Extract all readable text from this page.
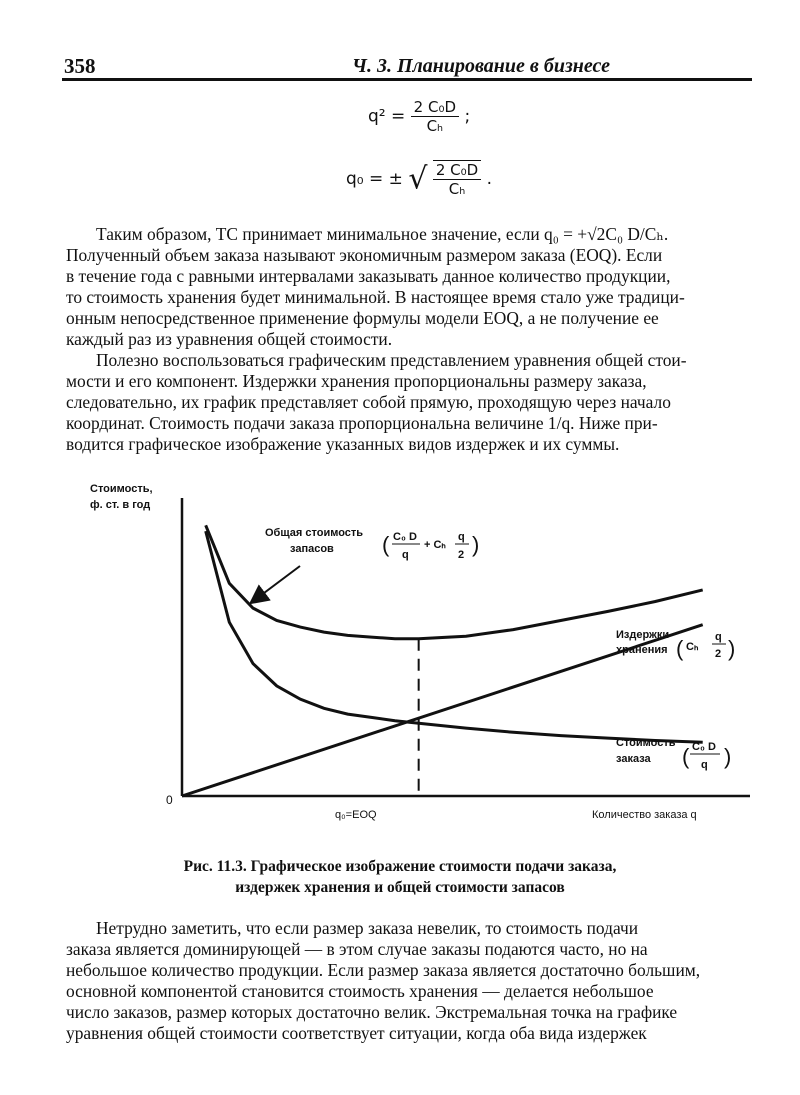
358	Ч. 3. Планирование в бизнесе
$q^2 = \frac{\text{2 C₀D}}{\text{Cₕ}}$ ;
q₀ = ± √ $\frac{\text{2 C₀D}}{\text{Cₕ}}$ .
Таким образом, ТС принимает минимальное значение, если q₀ = +√2C₀ D/Cₕ.
Полученный объем заказа называют экономичным размером заказа (EOQ). Если
в течение года с равными интервалами заказывать данное количество продукции,
то стоимость хранения будет минимальной. В настоящее время стало уже традици-
онным непосредственное применение формулы модели EOQ, а не получение ее
каждый раз из уравнения общей стоимости.
Полезно воспользоваться графическим представлением уравнения общей стои-
мости и его компонент. Издержки хранения пропорциональны размеру заказа,
следовательно, их график представляет собой прямую, проходящую через начало
координат. Стоимость подачи заказа пропорциональна величине 1/q. Ниже при-
водится графическое изображение указанных видов издержек и их суммы.
Стоимость,
ф. ст. в год
0
Количество заказа q
q₀=EOQ
Общая стоимость
запасов ( C₀ D
q
+ Cₕ
q
2 )
Издержки
хранения ( Cₕ
q
2 )
Стоимость
заказа ( C₀ D
q )
Рис. 11.3. Графическое изображение стоимости подачи заказа,
издержек хранения и общей стоимости запасов
Нетрудно заметить, что если размер заказа невелик, то стоимость подачи
заказа является доминирующей — в этом случае заказы подаются часто, но на
небольшое количество продукции. Если размер заказа является достаточно большим,
основной компонентой становится стоимость хранения — делается небольшое
число заказов, размер которых достаточно велик. Экстремальная точка на графике
уравнения общей стоимости соответствует ситуации, когда оба вида издержек
